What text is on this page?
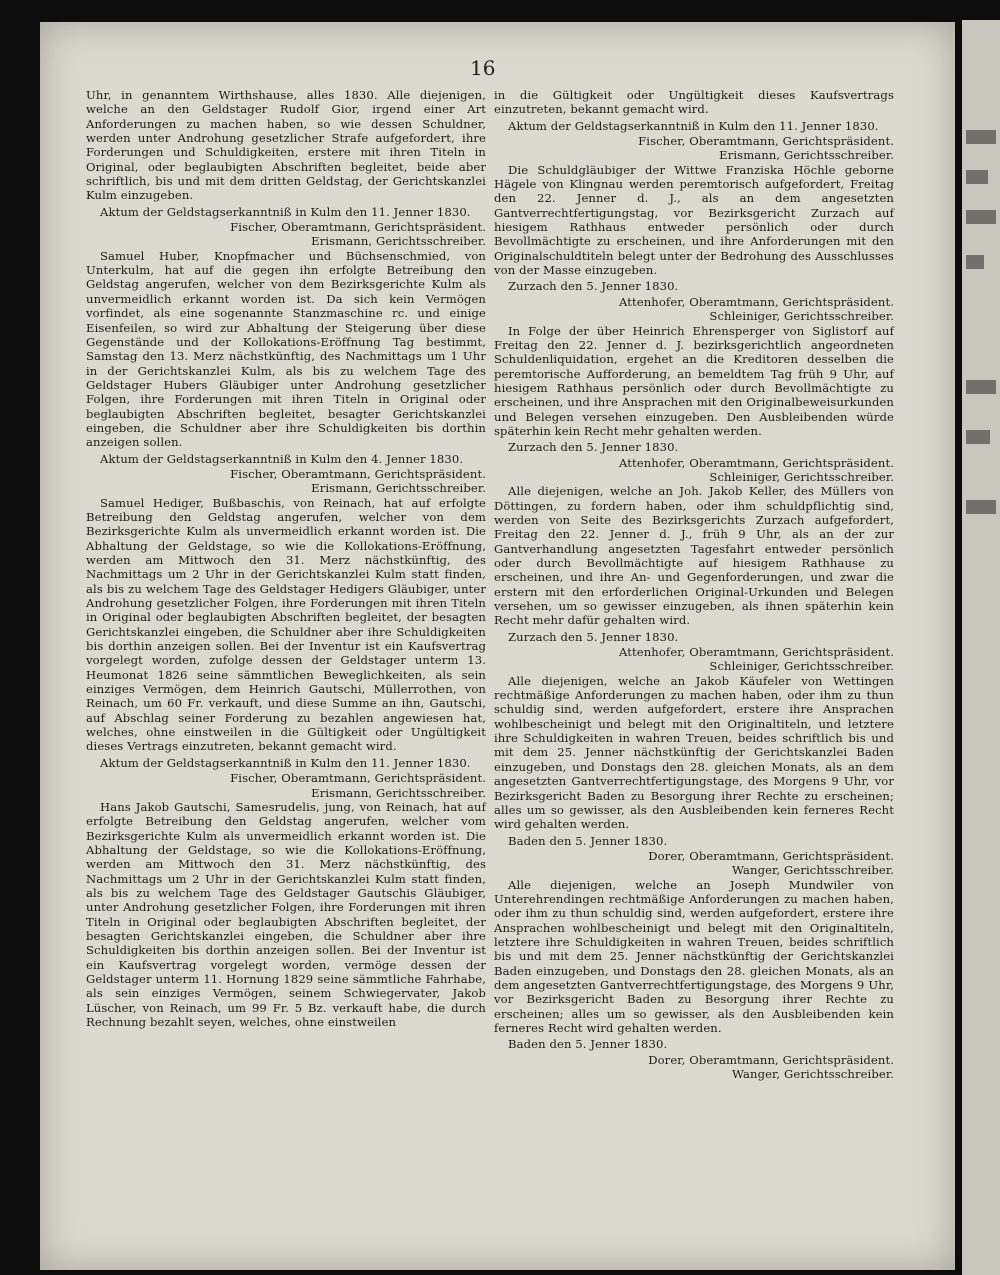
16

Uhr, in genanntem Wirthshause, alles 1830. Alle diejenigen, welche an den Geldstager Rudolf Gior, irgend einer Art Anforderungen zu machen haben, so wie dessen Schuldner, werden unter Androhung gesetzlicher Strafe aufgefordert, ihre Forderungen und Schuldigkeiten, erstere mit ihren Titeln in Original, oder beglaubigten Abschriften begleitet, beide aber schriftlich, bis und mit dem dritten Geldstag, der Gerichtskanzlei Kulm einzugeben.

Aktum der Geldstagserkanntniß in Kulm den 11. Jenner 1830.

Fischer, Oberamtmann, Gerichtspräsident.

Erismann, Gerichtsschreiber.

Samuel Huber, Knopfmacher und Büchsenschmied, von Unterkulm, hat auf die gegen ihn erfolgte Betreibung den Geldstag angerufen, welcher von dem Bezirksgerichte Kulm als unvermeidlich erkannt worden ist. Da sich kein Vermögen vorfindet, als eine sogenannte Stanzmaschine rc. und einige Eisenfeilen, so wird zur Abhaltung der Steigerung über diese Gegenstände und der Kollokations-Eröffnung Tag bestimmt, Samstag den 13. Merz nächstkünftig, des Nachmittags um 1 Uhr in der Gerichtskanzlei Kulm, als bis zu welchem Tage des Geldstager Hubers Gläubiger unter Androhung gesetzlicher Folgen, ihre Forderungen mit ihren Titeln in Original oder beglaubigten Abschriften begleitet, besagter Gerichtskanzlei eingeben, die Schuldner aber ihre Schuldigkeiten bis dorthin anzeigen sollen.

Aktum der Geldstagserkanntniß in Kulm den 4. Jenner 1830.

Fischer, Oberamtmann, Gerichtspräsident.

Erismann, Gerichtsschreiber.

Samuel Hediger, Bußbaschis, von Reinach, hat auf erfolgte Betreibung den Geldstag angerufen, welcher von dem Bezirksgerichte Kulm als unvermeidlich erkannt worden ist. Die Abhaltung der Geldstage, so wie die Kollokations-Eröffnung, werden am Mittwoch den 31. Merz nächstkünftig, des Nachmittags um 2 Uhr in der Gerichtskanzlei Kulm statt finden, als bis zu welchem Tage des Geldstager Hedigers Gläubiger, unter Androhung gesetzlicher Folgen, ihre Forderungen mit ihren Titeln in Original oder beglaubigten Abschriften begleitet, der besagten Gerichtskanzlei eingeben, die Schuldner aber ihre Schuldigkeiten bis dorthin anzeigen sollen. Bei der Inventur ist ein Kaufsvertrag vorgelegt worden, zufolge dessen der Geldstager unterm 13. Heumonat 1826 seine sämmtlichen Beweglichkeiten, als sein einziges Vermögen, dem Heinrich Gautschi, Müllerrothen, von Reinach, um 60 Fr. verkauft, und diese Summe an ihn, Gautschi, auf Abschlag seiner Forderung zu bezahlen angewiesen hat, welches, ohne einstweilen in die Gültigkeit oder Ungültigkeit dieses Vertrags einzutreten, bekannt gemacht wird.

Aktum der Geldstagserkanntniß in Kulm den 11. Jenner 1830.

Fischer, Oberamtmann, Gerichtspräsident.

Erismann, Gerichtsschreiber.

Hans Jakob Gautschi, Samesrudelis, jung, von Reinach, hat auf erfolgte Betreibung den Geldstag angerufen, welcher vom Bezirksgerichte Kulm als unvermeidlich erkannt worden ist. Die Abhaltung der Geldstage, so wie die Kollokations-Eröffnung, werden am Mittwoch den 31. Merz nächstkünftig, des Nachmittags um 2 Uhr in der Gerichtskanzlei Kulm statt finden, als bis zu welchem Tage des Geldstager Gautschis Gläubiger, unter Androhung gesetzlicher Folgen, ihre Forderungen mit ihren Titeln in Original oder beglaubigten Abschriften begleitet, der besagten Gerichtskanzlei eingeben, die Schuldner aber ihre Schuldigkeiten bis dorthin anzeigen sollen. Bei der Inventur ist ein Kaufsvertrag vorgelegt worden, vermöge dessen der Geldstager unterm 11. Hornung 1829 seine sämmtliche Fahrhabe, als sein einziges Vermögen, seinem Schwiegervater, Jakob Lüscher, von Reinach, um 99 Fr. 5 Bz. verkauft habe, die durch Rechnung bezahlt seyen, welches, ohne einstweilen

in die Gültigkeit oder Ungültigkeit dieses Kaufsvertrags einzutreten, bekannt gemacht wird.

Aktum der Geldstagserkanntniß in Kulm den 11. Jenner 1830.

Fischer, Oberamtmann, Gerichtspräsident.

Erismann, Gerichtsschreiber.

Die Schuldgläubiger der Wittwe Franziska Höchle geborne Hägele von Klingnau werden peremtorisch aufgefordert, Freitag den 22. Jenner d. J., als an dem angesetzten Gantverrechtfertigungstag, vor Bezirksgericht Zurzach auf hiesigem Rathhaus entweder persönlich oder durch Bevollmächtigte zu erscheinen, und ihre Anforderungen mit den Originalschuldtiteln belegt unter der Bedrohung des Ausschlusses von der Masse einzugeben.

Zurzach den 5. Jenner 1830.

Attenhofer, Oberamtmann, Gerichtspräsident.

Schleiniger, Gerichtsschreiber.

In Folge der über Heinrich Ehrensperger von Siglistorf auf Freitag den 22. Jenner d. J. bezirksgerichtlich angeordneten Schuldenliquidation, ergehet an die Kreditoren desselben die peremtorische Aufforderung, an bemeldtem Tag früh 9 Uhr, auf hiesigem Rathhaus persönlich oder durch Bevollmächtigte zu erscheinen, und ihre Ansprachen mit den Originalbeweisurkunden und Belegen versehen einzugeben. Den Ausbleibenden würde späterhin kein Recht mehr gehalten werden.

Zurzach den 5. Jenner 1830.

Attenhofer, Oberamtmann, Gerichtspräsident.

Schleiniger, Gerichtsschreiber.

Alle diejenigen, welche an Joh. Jakob Keller, des Müllers von Döttingen, zu fordern haben, oder ihm schuldpflichtig sind, werden von Seite des Bezirksgerichts Zurzach aufgefordert, Freitag den 22. Jenner d. J., früh 9 Uhr, als an der zur Gantverhandlung angesetzten Tagesfahrt entweder persönlich oder durch Bevollmächtigte auf hiesigem Rathhause zu erscheinen, und ihre An- und Gegenforderungen, und zwar die erstern mit den erforderlichen Original-Urkunden und Belegen versehen, um so gewisser einzugeben, als ihnen späterhin kein Recht mehr dafür gehalten wird.

Zurzach den 5. Jenner 1830.

Attenhofer, Oberamtmann, Gerichtspräsident.

Schleiniger, Gerichtsschreiber.

Alle diejenigen, welche an Jakob Käufeler von Wettingen rechtmäßige Anforderungen zu machen haben, oder ihm zu thun schuldig sind, werden aufgefordert, erstere ihre Ansprachen wohlbescheinigt und belegt mit den Originaltiteln, und letztere ihre Schuldigkeiten in wahren Treuen, beides schriftlich bis und mit dem 25. Jenner nächstkünftig der Gerichtskanzlei Baden einzugeben, und Donstags den 28. gleichen Monats, als an dem angesetzten Gantverrechtfertigungstage, des Morgens 9 Uhr, vor Bezirksgericht Baden zu Besorgung ihrer Rechte zu erscheinen; alles um so gewisser, als den Ausbleibenden kein ferneres Recht wird gehalten werden.

Baden den 5. Jenner 1830.

Dorer, Oberamtmann, Gerichtspräsident.

Wanger, Gerichtsschreiber.

Alle diejenigen, welche an Joseph Mundwiler von Unterehrendingen rechtmäßige Anforderungen zu machen haben, oder ihm zu thun schuldig sind, werden aufgefordert, erstere ihre Ansprachen wohlbescheinigt und belegt mit den Originaltiteln, letztere ihre Schuldigkeiten in wahren Treuen, beides schriftlich bis und mit dem 25. Jenner nächstkünftig der Gerichtskanzlei Baden einzugeben, und Donstags den 28. gleichen Monats, als an dem angesetzten Gantverrechtfertigungstage, des Morgens 9 Uhr, vor Bezirksgericht Baden zu Besorgung ihrer Rechte zu erscheinen; alles um so gewisser, als den Ausbleibenden kein ferneres Recht wird gehalten werden.

Baden den 5. Jenner 1830.

Dorer, Oberamtmann, Gerichtspräsident.

Wanger, Gerichtsschreiber.
